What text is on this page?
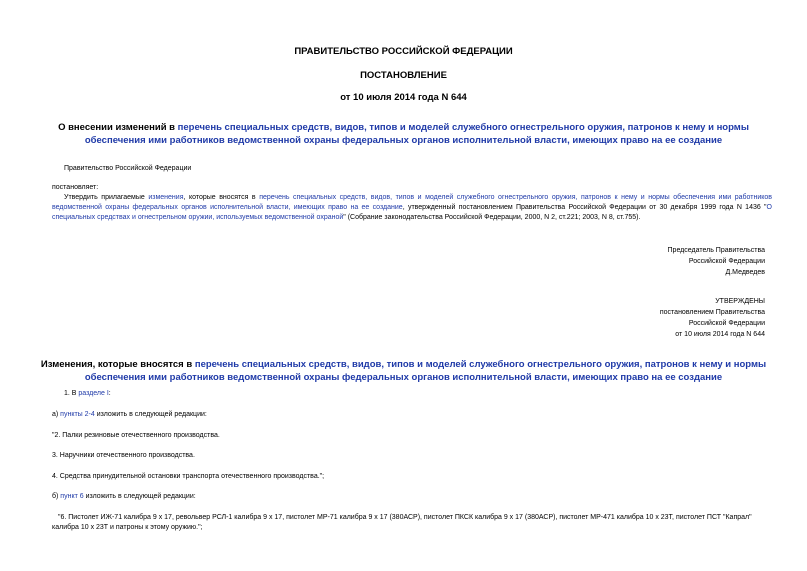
ПРАВИТЕЛЬСТВО РОССИЙСКОЙ ФЕДЕРАЦИИ
ПОСТАНОВЛЕНИЕ
от 10 июля 2014 года N 644
О внесении изменений в перечень специальных средств, видов, типов и моделей служебного огнестрельного оружия, патронов к нему и нормы обеспечения ими работников ведомственной охраны федеральных органов исполнительной власти, имеющих право на ее создание
Правительство Российской Федерации
постановляет:
Утвердить прилагаемые изменения, которые вносятся в перечень специальных средств, видов, типов и моделей служебного огнестрельного оружия, патронов к нему и нормы обеспечения ими работников ведомственной охраны федеральных органов исполнительной власти, имеющих право на ее создание, утвержденный постановлением Правительства Российской Федерации от 30 декабря 1999 года N 1436 "О специальных средствах и огнестрельном оружии, используемых ведомственной охраной" (Собрание законодательства Российской Федерации, 2000, N 2, ст.221; 2003, N 8, ст.755).
Председатель Правительства
Российской Федерации
Д.Медведев
УТВЕРЖДЕНЫ
постановлением Правительства
Российской Федерации
от 10 июля 2014 года N 644
Изменения, которые вносятся в перечень специальных средств, видов, типов и моделей служебного огнестрельного оружия, патронов к нему и нормы обеспечения ими работников ведомственной охраны федеральных органов исполнительной власти, имеющих право на ее создание
1. В разделе I:
а) пункты 2-4 изложить в следующей редакции:
"2. Палки резиновые отечественного производства.
3. Наручники отечественного производства.
4. Средства принудительной остановки транспорта отечественного производства.";
б) пункт 6 изложить в следующей редакции:
"6. Пистолет ИЖ-71 калибра 9 х 17, револьвер РСЛ-1 калибра 9 х 17, пистолет МР-71 калибра 9 х 17 (380АСР), пистолет ПКСК калибра 9 х 17 (380АСР), пистолет МР-471 калибра 10 х 23Т, пистолет ПСТ "Капрал" калибра 10 х 23Т и патроны к этому оружию.";
